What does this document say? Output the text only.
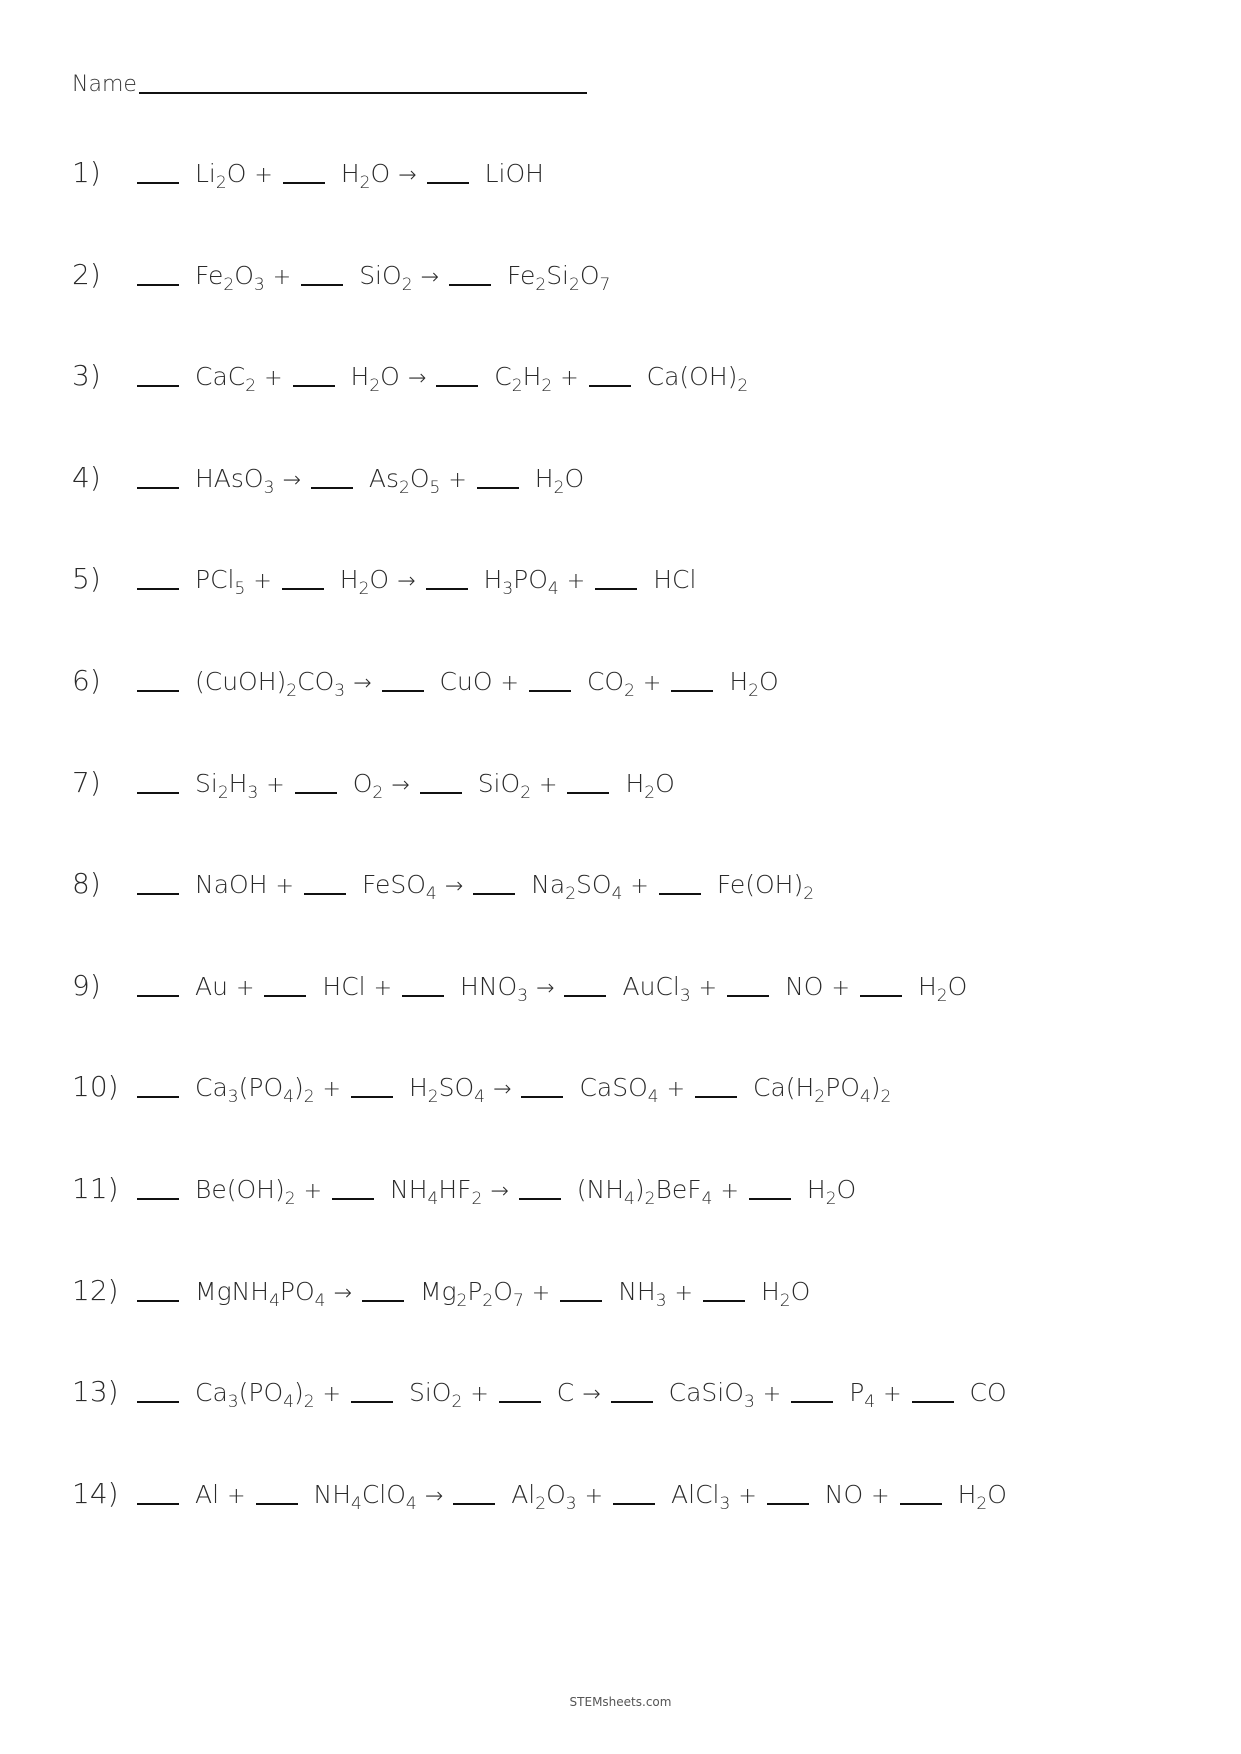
Name
1)	$Li_2O$ +	$H_2O$ →	LiOH
2)	$Fe_2O_3$ +	SiO$_2$ →	$Fe_2Si_2O_7$
3)	CaC$_2$ +	$H_2O$ →	$C_2H_2$ +	$Ca(OH)_2$
4)	HAsO$_3$ →	$As_2O_5$ +	$H_2O$
5)	PCl$_5$ +	$H_2O$ →	$H_3PO_4$ +	HCl
6)	$(CuOH)_2CO_3$ →	CuO +	$CO_2$ +	$H_2O$
7)	$Si_2H_3$ +	$O_2$ →	SiO$_2$ +	$H_2O$
8)	NaOH +	FeSO$_4$ →	$Na_2SO_4$ +	$Fe(OH)_2$
9)	Au +	HCl +	$HNO_3$ →	AuCl$_3$ +	NO +	$H_2O$
10)	$Ca_3(PO_4)_2$ +	$H_2SO_4$ →	CaSO$_4$ +	$Ca(H_2PO_4)_2$
11)	$Be(OH)_2$ +	$NH_4HF_2$ →	$(NH_4)_2BeF_4$ +	$H_2O$
12)	$MgNH_4PO_4$ →	$Mg_2P_2O_7$ +	$NH_3$ +	$H_2O$
13)	$Ca_3(PO_4)_2$ +	SiO$_2$ +	C →	CaSiO$_3$ +	$P_4$ +	CO
14)	Al +	$NH_4ClO_4$ →	$Al_2O_3$ +	AlCl$_3$ +	NO +	$H_2O$
STEMsheets.com
